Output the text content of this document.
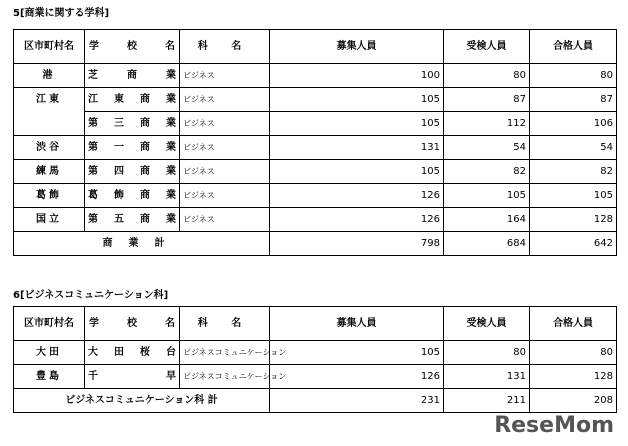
5[商業に関する学科]
区市町村名	学 校 名	科 名	募集人員	受検人員	合格人員
港	芝 商 業	ビジネス	100	80	80
江東	江 東 商 業	ビジネス	105	87	87

	第 三 商 業	ビジネス	105	112	106
渋谷	第 一 商 業	ビジネス	131	54	54
練馬	第 四 商 業	ビジネス	105	82	82
葛飾	葛 飾 商 業	ビジネス	126	105	105
国立	第 五 商 業	ビジネス	126	164	128
商業計			798	684	642
6[ビジネスコミュニケーション科]
区市町村名	学 校 名	科 名	募集人員	受検人員	合格人員
大田	大 田 桜 台	ビジネスコミュニケーション	105	80	80
豊島	千 早	ビジネスコミュニケーション	126	131	128
ビジネスコミュニケーション科 計			231	211	208
ReseMom
